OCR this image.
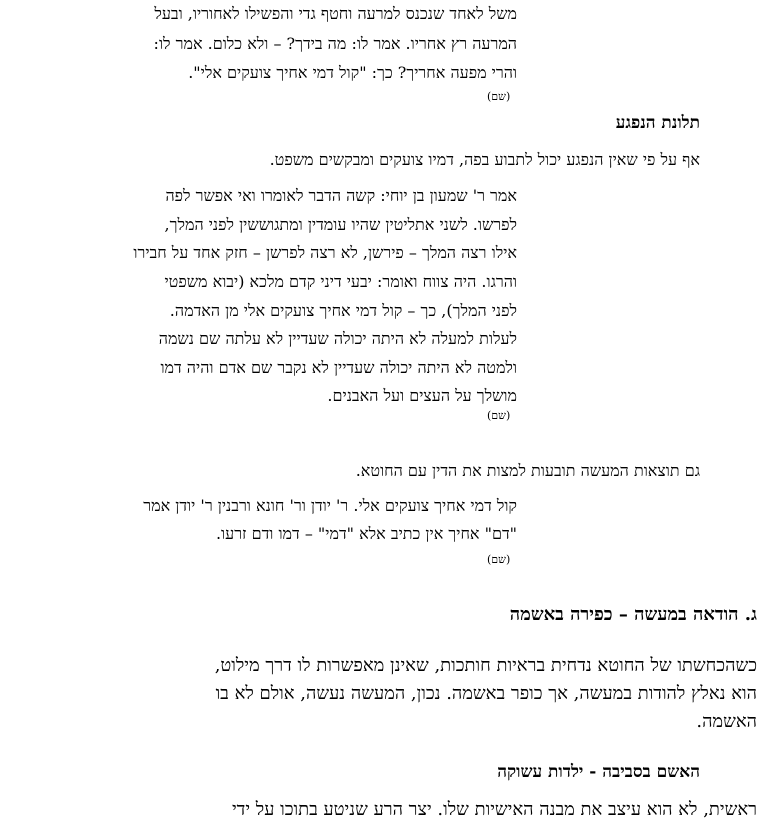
משל לאחד שנכנס למרעה וחטף גדי והפשילו לאחוריו, ובעל
המרעה רץ אחריו. אמר לו: מה בידך? – ולא כלום. אמר לו:
והרי מפעה אחריך? כך: "קול דמי אחיך צועקים אלי".
(שם)
תלונת הנפגע
אף על פי שאין הנפגע יכול לתבוע בפה, דמיו צועקים ומבקשים משפט.
אמר ר' שמעון בן יוחי: קשה הדבר לאומרו ואי אפשר לפה
לפרשו. לשני אתליטין שהיו עומדין ומתגוששין לפני המלך,
אילו רצה המלך – פירשן, לא רצה לפרשן – חזק אחד על חבירו
והרגו. היה צווח ואומר: יבעי דיני קדם מלכא (יבוא משפטי
לפני המלך), כך – קול דמי אחיך צועקים אלי מן האדמה.
לעלות למעלה לא היתה יכולה שעדיין לא עלתה שם נשמה
ולמטה לא היתה יכולה שעדיין לא נקבר שם אדם והיה דמו
מושלך על העצים ועל האבנים.
(שם)
גם תוצאות המעשה תובעות למצות את הדין עם החוטא.
קול דמי אחיך צועקים אלי. ר' יודן ור' חונא ורבנין ר' יודן אמר
"דם" אחיך אין כתיב אלא "דמי" – דמו ודם זרעו.
(שם)
ג. הודאה במעשה – כפירה באשמה
כשהכחשתו של החוטא נדחית בראיות חותכות, שאינן מאפשרות לו דרך מילוט,
הוא נאלץ להודות במעשה, אך כופר באשמה. נכון, המעשה נעשה, אולם לא בו
האשמה.
האשם בסביבה - ילדות עשוקה
ראשית, לא הוא עיצב את מבנה האישיות שלו. יצר הרע שניטע בתוכו על ידי
